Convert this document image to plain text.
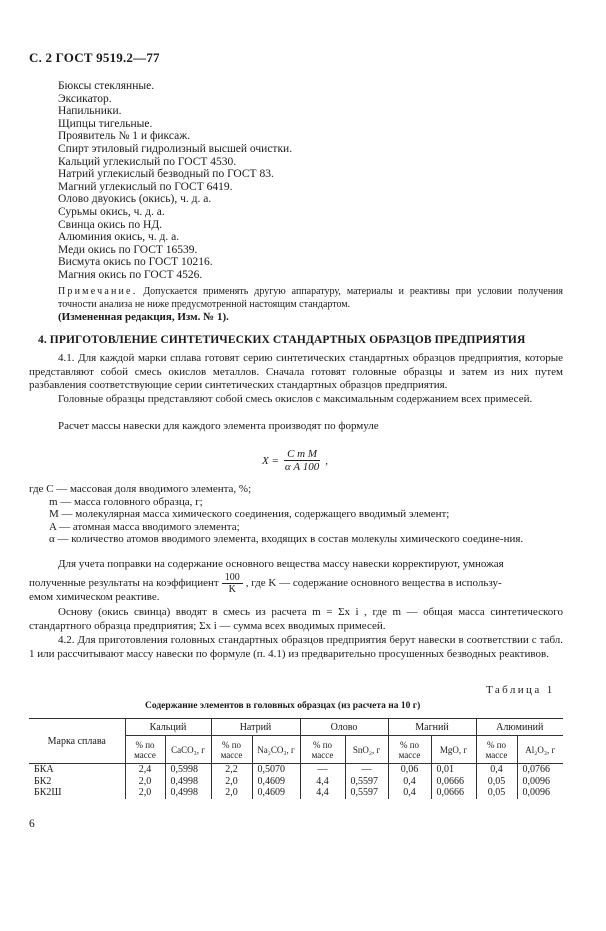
С. 2 ГОСТ 9519.2—77
Бюксы стеклянные.
Эксикатор.
Напильники.
Щипцы тигельные.
Проявитель № 1 и фиксаж.
Спирт этиловый гидролизный высшей очистки.
Кальций углекислый по ГОСТ 4530.
Натрий углекислый безводный по ГОСТ 83.
Магний углекислый по ГОСТ 6419.
Олово двуокись (окись), ч. д. а.
Сурьмы окись, ч. д. а.
Свинца окись по НД.
Алюминия окись, ч. д. а.
Меди окись по ГОСТ 16539.
Висмута окись по ГОСТ 10216.
Магния окись по ГОСТ 4526.
Примечание. Допускается применять другую аппаратуру, материалы и реактивы при условии получения точности анализа не ниже предусмотренной настоящим стандартом.
(Измененная редакция, Изм. № 1).
4. ПРИГОТОВЛЕНИЕ СИНТЕТИЧЕСКИХ СТАНДАРТНЫХ ОБРАЗЦОВ ПРЕДПРИЯТИЯ
4.1. Для каждой марки сплава готовят серию синтетических стандартных образцов предприятия, которые представляют собой смесь окислов металлов. Сначала готовят головные образцы и затем из них путем разбавления соответствующие серии синтетических стандартных образцов предприятия.
Головные образцы представляют собой смесь окислов с максимальным содержанием всех примесей.
Расчет массы навески для каждого элемента производят по формуле
$X = \frac{\text{C m M}}{\text{α A 100}}$ ,
где C — массовая доля вводимого элемента, %;
m — масса головного образца, г;
M — молекулярная масса химического соединения, содержащего вводимый элемент;
A — атомная масса вводимого элемента;
α — количество атомов вводимого элемента, входящих в состав молекулы химического соедине-ния.
Для учета поправки на содержание основного вещества массу навески корректируют, умножая
полученные результаты на коэффициент $\frac{100}{K}$ , где K — содержание основного вещества в использу-
емом химическом реактиве.
Основу (окись свинца) вводят в смесь из расчета m = Σx i , где m — общая масса синтетического стандартного образца предприятия; Σx i — сумма всех вводимых примесей.
4.2. Для приготовления головных стандартных образцов предприятия берут навески в соответствии с табл. 1 или рассчитывают массу навески по формуле (п. 4.1) из предварительно просушенных безводных реактивов.
Таблица 1
Содержание элементов в головных образцах (из расчета на 10 г)
Марка сплава	Кальций		Натрий		Олово		Магний		Алюминий	
	% по массе	CaCO₃, г	% по массе	Na₂CO₃, г	% по массе	SnO₂, г	% по массе	MgO, г	% по массе	Al₂O₃, г
БКА	2,4	0,5998	2,2	0,5070	—	—	0,06	0,01	0,4	0,0766
БК2	2,0	0,4998	2,0	0,4609	4,4	0,5597	0,4	0,0666	0,05	0,0096
БК2Ш	2,0	0,4998	2,0	0,4609	4,4	0,5597	0,4	0,0666	0,05	0,0096
6
